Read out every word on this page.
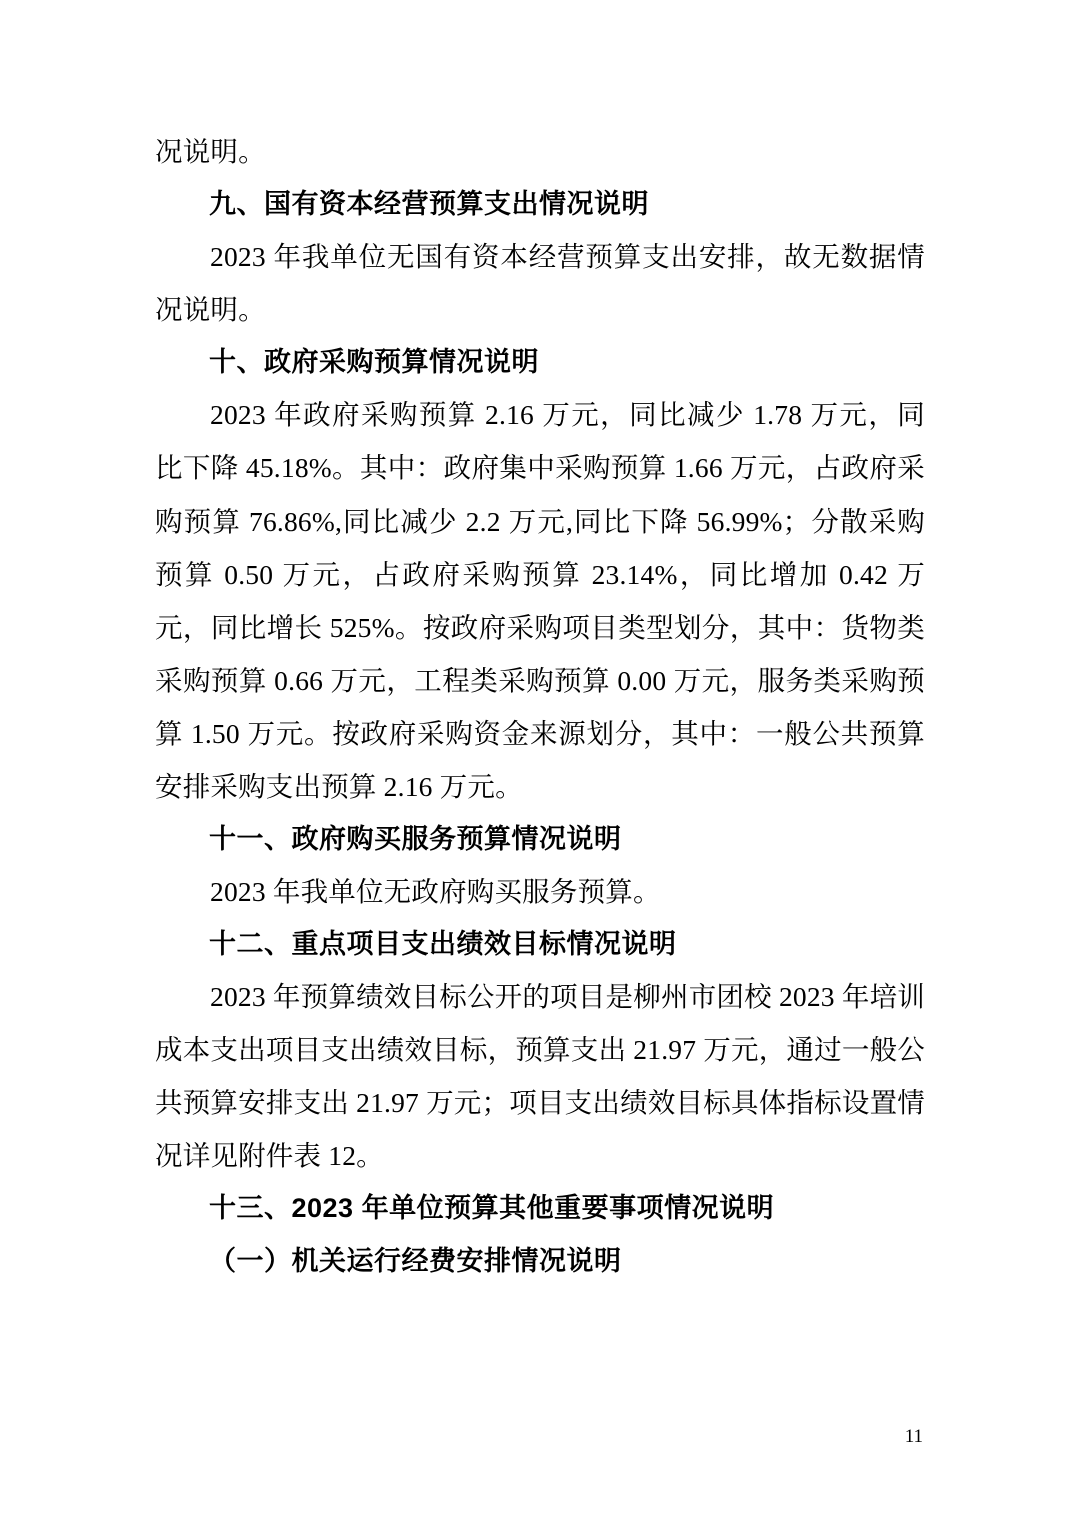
况说明。

九、国有资本经营预算支出情况说明

2023 年我单位无国有资本经营预算支出安排，故无数据情况说明。

十、政府采购预算情况说明

2023 年政府采购预算 2.16 万元，同比减少 1.78 万元，同比下降 45.18%。其中：政府集中采购预算 1.66 万元，占政府采购预算 76.86%,同比减少 2.2 万元,同比下降 56.99%；分散采购预算 0.50 万元，占政府采购预算 23.14%，同比增加 0.42 万元，同比增长 525%。按政府采购项目类型划分，其中：货物类采购预算 0.66 万元，工程类采购预算 0.00 万元，服务类采购预算 1.50 万元。按政府采购资金来源划分，其中：一般公共预算安排采购支出预算 2.16 万元。

十一、政府购买服务预算情况说明

2023 年我单位无政府购买服务预算。

十二、重点项目支出绩效目标情况说明

2023 年预算绩效目标公开的项目是柳州市团校 2023 年培训成本支出项目支出绩效目标，预算支出 21.97 万元，通过一般公共预算安排支出 21.97 万元；项目支出绩效目标具体指标设置情况详见附件表 12。

十三、2023 年单位预算其他重要事项情况说明

（一）机关运行经费安排情况说明

11
